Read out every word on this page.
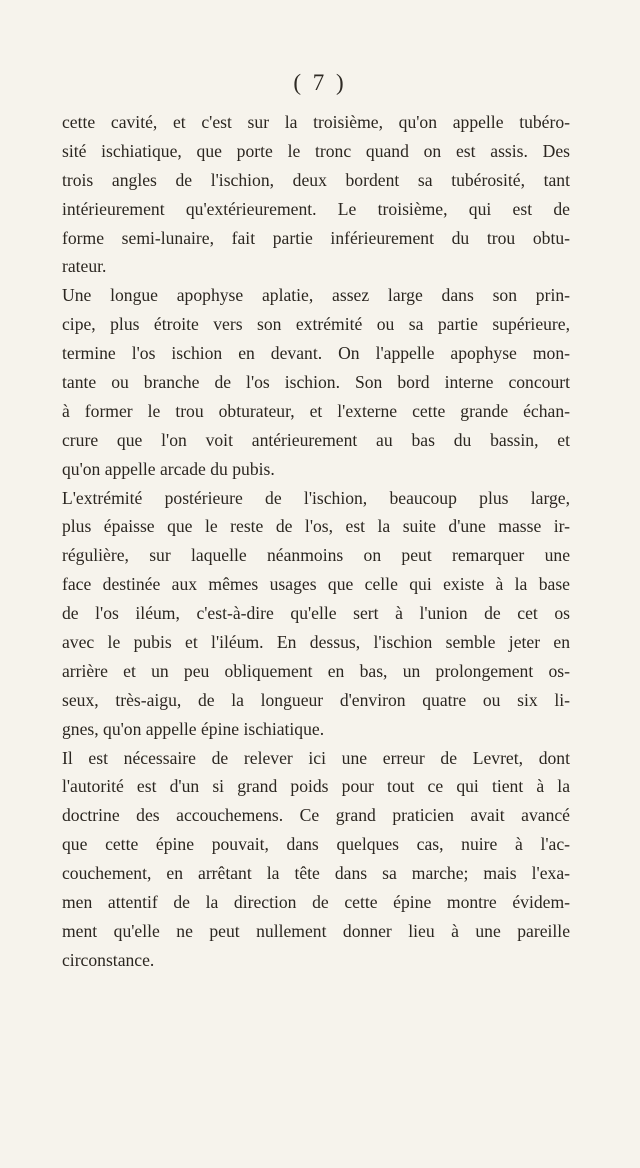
( 7 )
cette cavité, et c'est sur la troisième, qu'on appelle tubéro-
sité ischiatique, que porte le tronc quand on est assis. Des
trois angles de l'ischion, deux bordent sa tubérosité, tant
intérieurement qu'extérieurement. Le troisième, qui est de
forme semi-lunaire, fait partie inférieurement du trou obtu-
rateur.
Une longue apophyse aplatie, assez large dans son prin-
cipe, plus étroite vers son extrémité ou sa partie supérieure,
termine l'os ischion en devant. On l'appelle apophyse mon-
tante ou branche de l'os ischion. Son bord interne concourt
à former le trou obturateur, et l'externe cette grande échan-
crure que l'on voit antérieurement au bas du bassin, et
qu'on appelle arcade du pubis.
L'extrémité postérieure de l'ischion, beaucoup plus large,
plus épaisse que le reste de l'os, est la suite d'une masse ir-
régulière, sur laquelle néanmoins on peut remarquer une
face destinée aux mêmes usages que celle qui existe à la base
de l'os iléum, c'est-à-dire qu'elle sert à l'union de cet os
avec le pubis et l'iléum. En dessus, l'ischion semble jeter en
arrière et un peu obliquement en bas, un prolongement os-
seux, très-aigu, de la longueur d'environ quatre ou six li-
gnes, qu'on appelle épine ischiatique.
Il est nécessaire de relever ici une erreur de Levret, dont
l'autorité est d'un si grand poids pour tout ce qui tient à la
doctrine des accouchemens. Ce grand praticien avait avancé
que cette épine pouvait, dans quelques cas, nuire à l'ac-
couchement, en arrêtant la tête dans sa marche; mais l'exa-
men attentif de la direction de cette épine montre évidem-
ment qu'elle ne peut nullement donner lieu à une pareille
circonstance.
